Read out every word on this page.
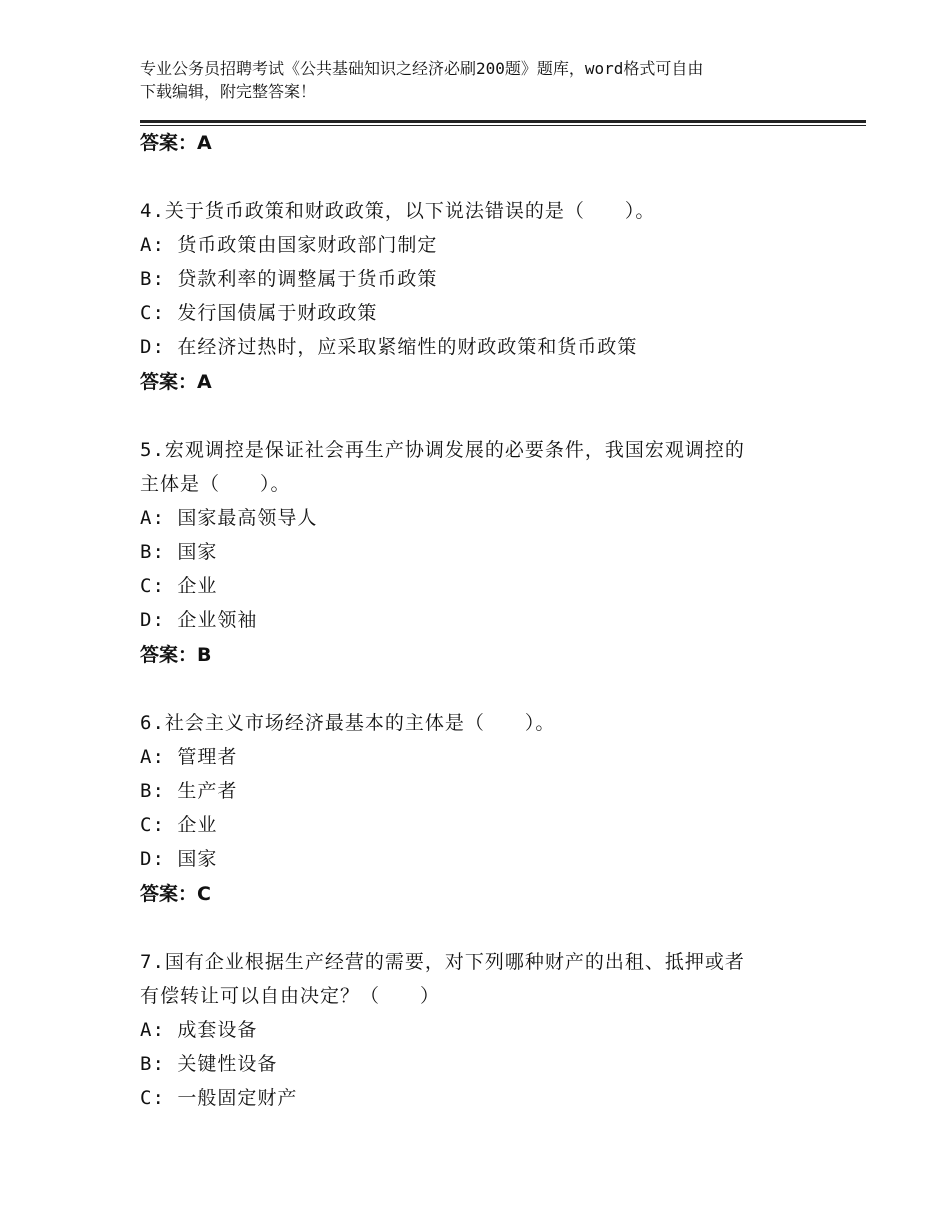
专业公务员招聘考试《公共基础知识之经济必刷200题》题库，word格式可自由
下载编辑，附完整答案！
答案：A
4.关于货币政策和财政政策，以下说法错误的是（　　）。
A: 货币政策由国家财政部门制定
B: 贷款利率的调整属于货币政策
C: 发行国债属于财政政策
D: 在经济过热时，应采取紧缩性的财政政策和货币政策
答案：A
5.宏观调控是保证社会再生产协调发展的必要条件，我国宏观调控的
主体是（　　）。
A: 国家最高领导人
B: 国家
C: 企业
D: 企业领袖
答案：B
6.社会主义市场经济最基本的主体是（　　）。
A: 管理者
B: 生产者
C: 企业
D: 国家
答案：C
7.国有企业根据生产经营的需要，对下列哪种财产的出租、抵押或者
有偿转让可以自由决定？（　　）
A: 成套设备
B: 关键性设备
C: 一般固定财产
